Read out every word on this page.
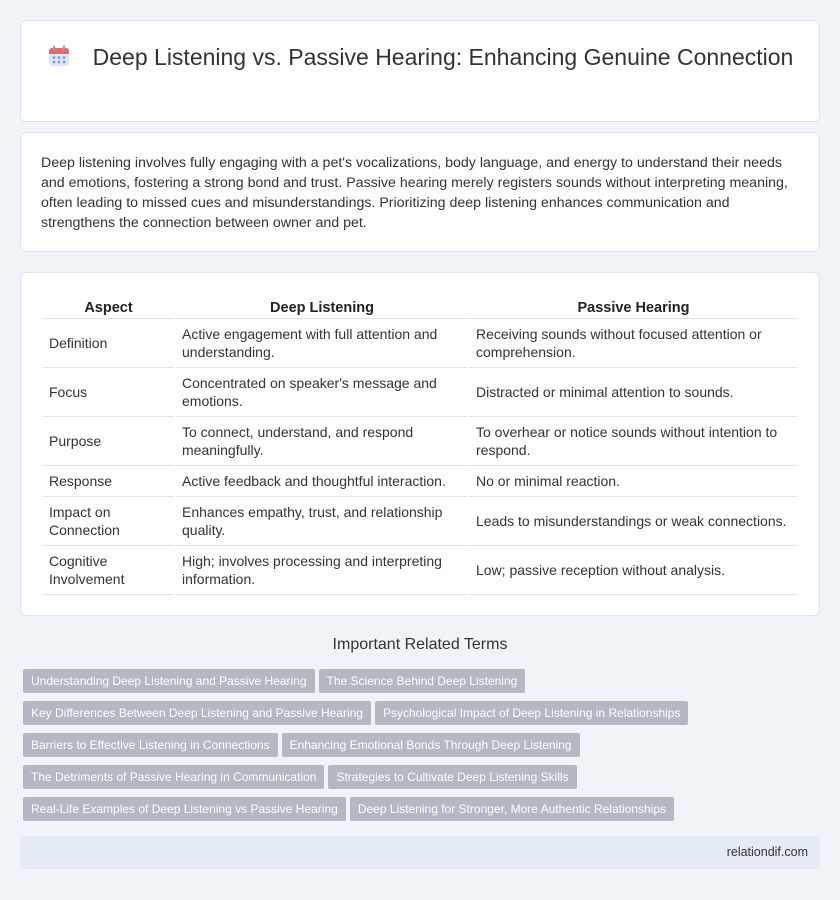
Deep Listening vs. Passive Hearing: Enhancing Genuine Connection

Deep listening involves fully engaging with a pet's vocalizations, body language, and energy to understand their needs and emotions, fostering a strong bond and trust. Passive hearing merely registers sounds without interpreting meaning, often leading to missed cues and misunderstandings. Prioritizing deep listening enhances communication and strengthens the connection between owner and pet.

Aspect	Deep Listening	Passive Hearing
Definition	Active engagement with full attention and understanding.	Receiving sounds without focused attention or comprehension.
Focus	Concentrated on speaker's message and emotions.	Distracted or minimal attention to sounds.
Purpose	To connect, understand, and respond meaningfully.	To overhear or notice sounds without intention to respond.
Response	Active feedback and thoughtful interaction.	No or minimal reaction.
Impact on Connection	Enhances empathy, trust, and relationship quality.	Leads to misunderstandings or weak connections.
Cognitive Involvement	High; involves processing and interpreting information.	Low; passive reception without analysis.
Important Related Terms
Understanding Deep Listening and Passive Hearing The Science Behind Deep Listening
Key Differences Between Deep Listening and Passive Hearing Psychological Impact of Deep Listening in Relationships
Barriers to Effective Listening in Connections Enhancing Emotional Bonds Through Deep Listening
The Detriments of Passive Hearing in Communication Strategies to Cultivate Deep Listening Skills
Real-Life Examples of Deep Listening vs Passive Hearing Deep Listening for Stronger, More Authentic Relationships
relationdif.com
